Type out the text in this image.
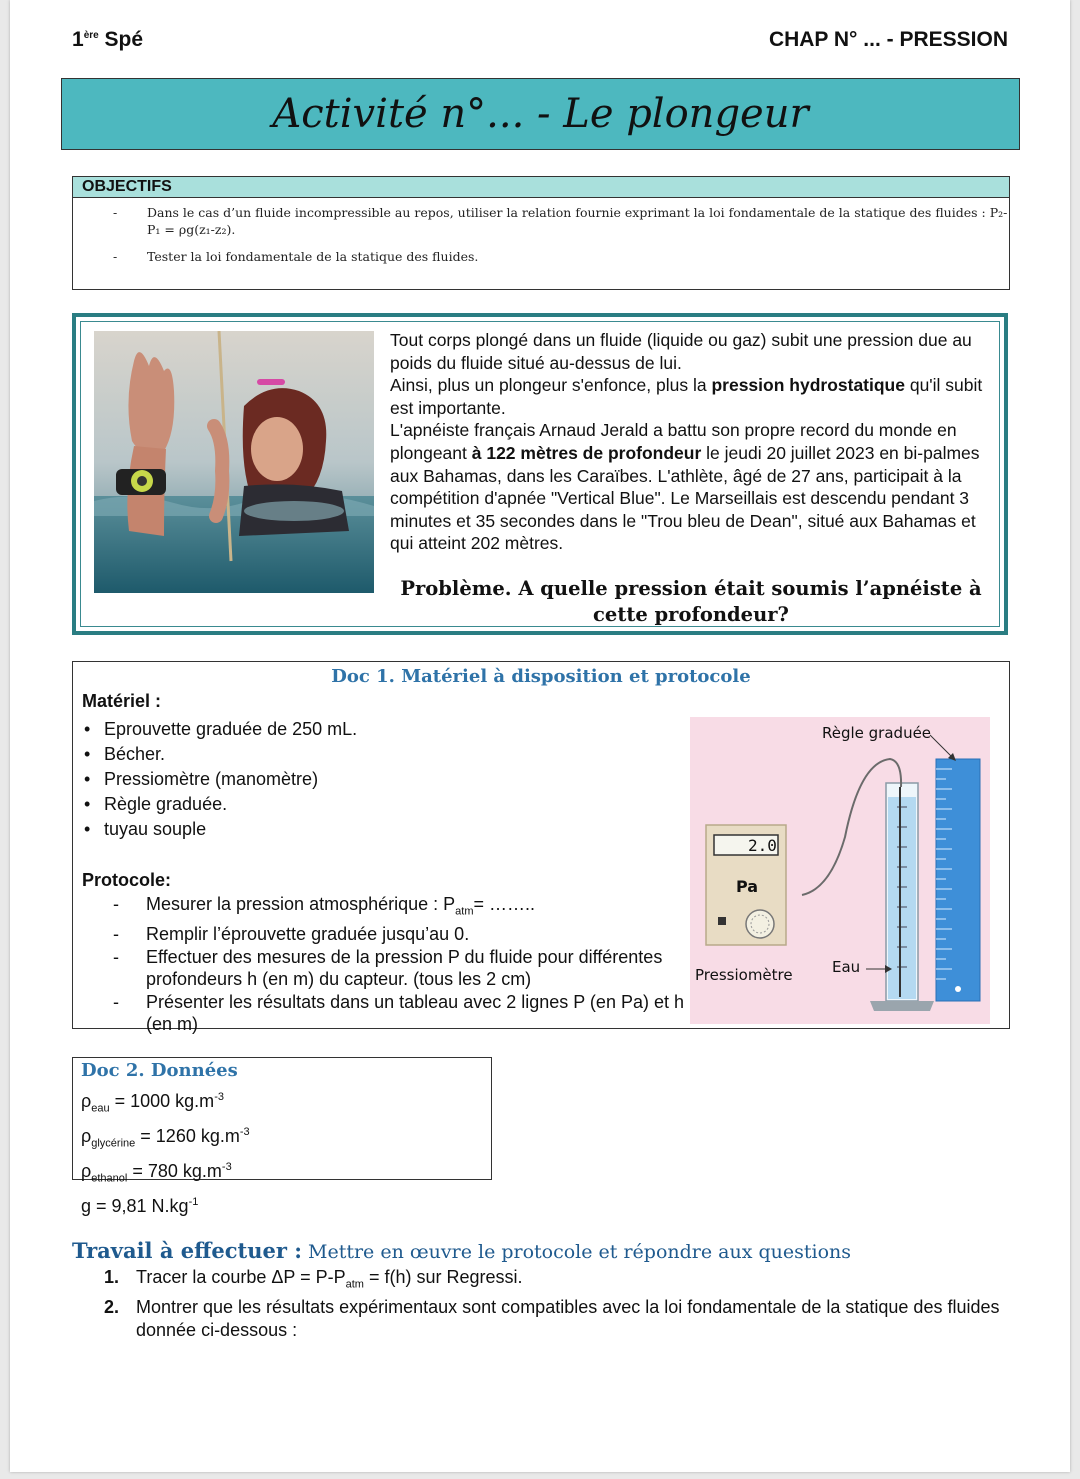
1ère Spé	CHAP N° ... - PRESSION
Activité n°... - Le plongeur
OBJECTIFS
- Dans le cas d’un fluide incompressible au repos, utiliser la relation fournie exprimant la loi fondamentale de la statique des fluides : P₂-P₁ = ρg(z₁-z₂).
- Tester la loi fondamentale de la statique des fluides.
Tout corps plongé dans un fluide (liquide ou gaz) subit une pression due au poids du fluide situé au-dessus de lui.
Ainsi, plus un plongeur s'enfonce, plus la pression hydrostatique qu'il subit est importante.
L'apnéiste français Arnaud Jerald a battu son propre record du monde en plongeant à 122 mètres de profondeur le jeudi 20 juillet 2023 en bi-palmes aux Bahamas, dans les Caraïbes. L'athlète, âgé de 27 ans, participait à la compétition d'apnée "Vertical Blue". Le Marseillais est descendu pendant 3 minutes et 35 secondes dans le "Trou bleu de Dean", situé aux Bahamas et qui atteint 202 mètres.
Problème. A quelle pression était soumis l’apnéiste à cette profondeur?
Doc 1. Matériel à disposition et protocole
Matériel :
• Eprouvette graduée de 250 mL.
• Bécher.
• Pressiomètre (manomètre)
• Règle graduée.
• tuyau souple
Protocole:
- Mesurer la pression atmosphérique : $P_{atm}=$ ……..
- Remplir l’éprouvette graduée jusqu’au 0.
- Effectuer des mesures de la pression P du fluide pour différentes profondeurs h (en m) du capteur. (tous les 2 cm)
- Présenter les résultats dans un tableau avec 2 lignes P (en Pa) et h (en m)
Règle graduée
2.0
Pa
Pressiomètre	Eau
Doc 2. Données
$\rho_{eau} = 1000$ $kg.m^{-3}$
$\rho_{glycérine} = 1260$ $kg.m^{-3}$
$\rho_{ethanol} = 780$ $kg.m^{-3}$
g = 9,81 $N.kg^{-1}$
Travail à effectuer : Mettre en œuvre le protocole et répondre aux questions
1. Tracer la courbe $\Delta P = P-P_{atm} = f(h)$ sur Regressi.
2. Montrer que les résultats expérimentaux sont compatibles avec la loi fondamentale de la statique des fluides donnée ci-dessous :
